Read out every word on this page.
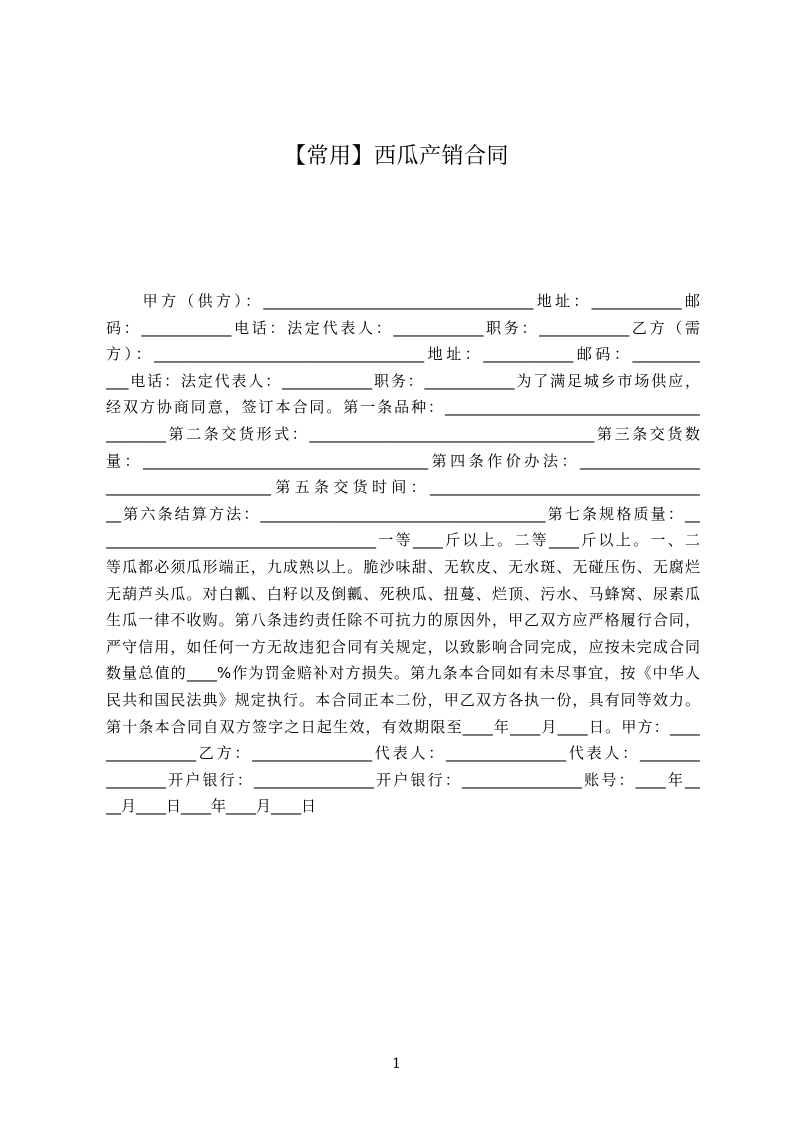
【常用】西瓜产销合同
　　甲方（供方）：____________________________________地址：____________邮
码：____________电话：法定代表人：____________职务：____________乙方（需
方）：____________________________________地址：____________邮码：_________
___电话：法定代表人：____________职务：____________为了满足城乡市场供应，
经双方协商同意，签订本合同。第一条品种：__________________________________
________第二条交货形式：______________________________________第三条交货数
量：______________________________________第四条作价办法：________________
______________________第五条交货时间：____________________________________
__第六条结算方法：______________________________________第七条规格质量：__
____________________________________一等____斤以上。二等____斤以上。一、二
等瓜都必须瓜形端正，九成熟以上。脆沙味甜、无软皮、无水斑、无碰压伤、无腐烂
无葫芦头瓜。对白瓤、白籽以及倒瓤、死秧瓜、扭蔓、烂顶、污水、马蜂窝、尿素瓜
生瓜一律不收购。第八条违约责任除不可抗力的原因外，甲乙双方应严格履行合同，
严守信用，如任何一方无故违犯合同有关规定，以致影响合同完成，应按未完成合同
数量总值的____%作为罚金赔补对方损失。第九条本合同如有未尽事宜，按《中华人
民共和国民法典》规定执行。本合同正本二份，甲乙双方各执一份，具有同等效力。
第十条本合同自双方签字之日起生效，有效期限至____年____月____日。甲方：____
____________乙方：________________代表人：________________代表人：________
________开户银行：________________开户银行：________________账号：____年__
__月____日____年____月____日
1
